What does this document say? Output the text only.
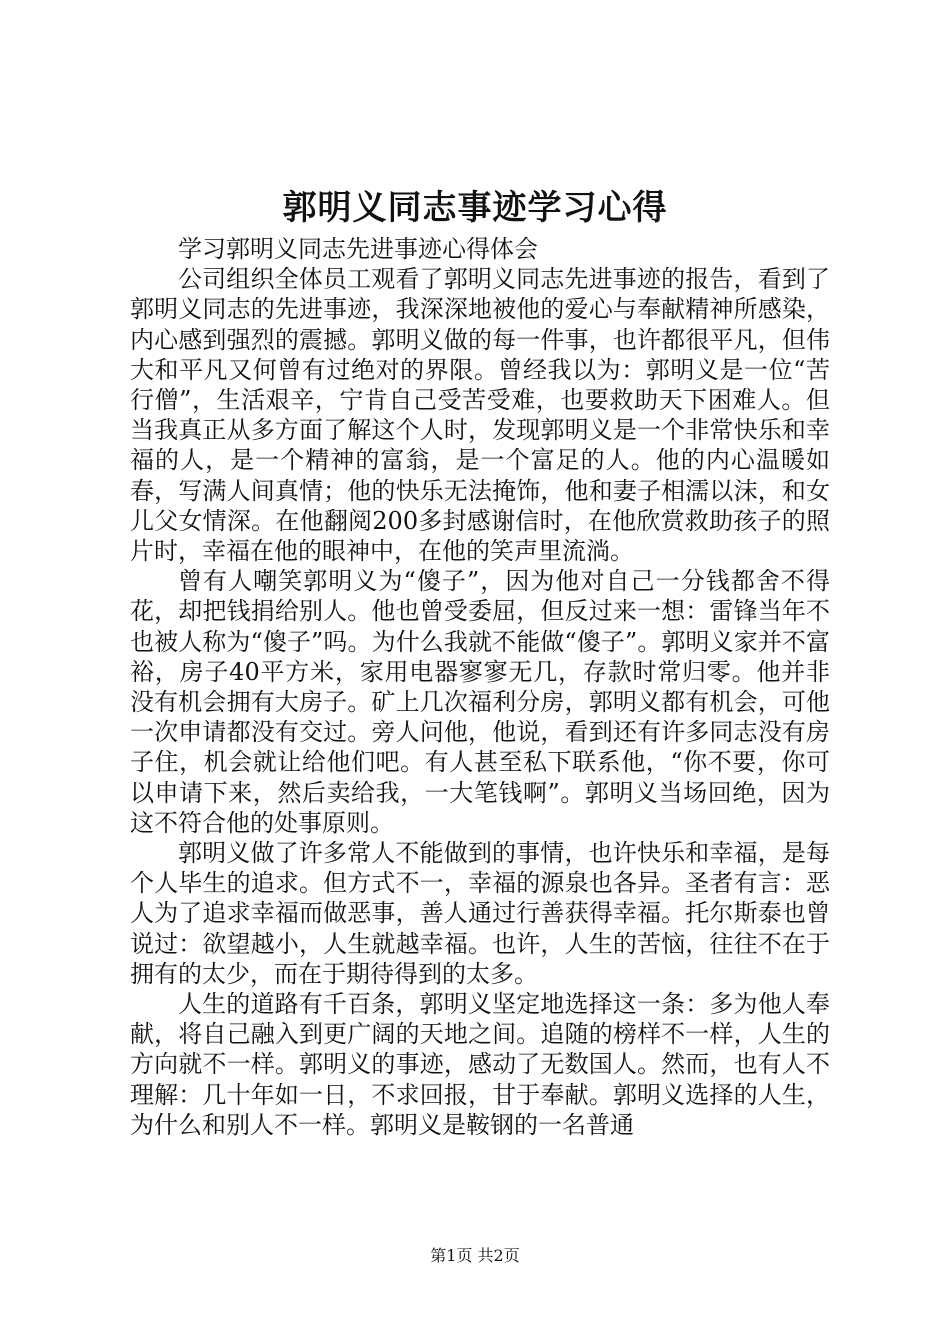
郭明义同志事迹学习心得

学习郭明义同志先进事迹心得体会

公司组织全体员工观看了郭明义同志先进事迹的报告，看到了郭明义同志的先进事迹，我深深地被他的爱心与奉献精神所感染，内心感到强烈的震撼。郭明义做的每一件事，也许都很平凡，但伟大和平凡又何曾有过绝对的界限。曾经我以为：郭明义是一位“苦行僧”，生活艰辛，宁肯自己受苦受难，也要救助天下困难人。但当我真正从多方面了解这个人时，发现郭明义是一个非常快乐和幸福的人，是一个精神的富翁，是一个富足的人。他的内心温暖如春，写满人间真情；他的快乐无法掩饰，他和妻子相濡以沫，和女儿父女情深。在他翻阅200多封感谢信时，在他欣赏救助孩子的照片时，幸福在他的眼神中，在他的笑声里流淌。

曾有人嘲笑郭明义为“傻子”，因为他对自己一分钱都舍不得花，却把钱捐给别人。他也曾受委屈，但反过来一想：雷锋当年不也被人称为“傻子”吗。为什么我就不能做“傻子”。郭明义家并不富裕，房子40平方米，家用电器寥寥无几，存款时常归零。他并非没有机会拥有大房子。矿上几次福利分房，郭明义都有机会，可他一次申请都没有交过。旁人问他，他说，看到还有许多同志没有房子住，机会就让给他们吧。有人甚至私下联系他，“你不要，你可以申请下来，然后卖给我，一大笔钱啊”。郭明义当场回绝，因为这不符合他的处事原则。

郭明义做了许多常人不能做到的事情，也许快乐和幸福，是每个人毕生的追求。但方式不一，幸福的源泉也各异。圣者有言：恶人为了追求幸福而做恶事，善人通过行善获得幸福。托尔斯泰也曾说过：欲望越小，人生就越幸福。也许，人生的苦恼，往往不在于拥有的太少，而在于期待得到的太多。

人生的道路有千百条，郭明义坚定地选择这一条：多为他人奉献，将自己融入到更广阔的天地之间。追随的榜样不一样，人生的方向就不一样。郭明义的事迹，感动了无数国人。然而，也有人不理解：几十年如一日，不求回报，甘于奉献。郭明义选择的人生，为什么和别人不一样。郭明义是鞍钢的一名普通

第1页 共2页
